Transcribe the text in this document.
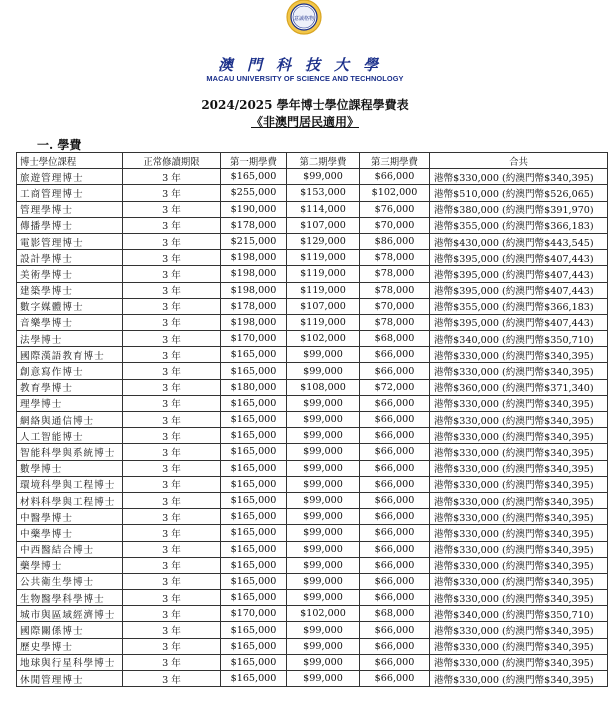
意誠格物
澳門科技大學
MACAU UNIVERSITY OF SCIENCE AND TECHNOLOGY
2024/2025 學年博士學位課程學費表
《非澳門居民適用》
一. 學費
博士學位課程	正常修讀期限	第一期學費	第二期學費	第三期學費	合共
旅遊管理博士	3 年	$165,000	$99,000	$66,000	港幣$330,000 (約澳門幣$340,395)
工商管理博士	3 年	$255,000	$153,000	$102,000	港幣$510,000 (約澳門幣$526,065)
管理學博士	3 年	$190,000	$114,000	$76,000	港幣$380,000 (約澳門幣$391,970)
傳播學博士	3 年	$178,000	$107,000	$70,000	港幣$355,000 (約澳門幣$366,183)
電影管理博士	3 年	$215,000	$129,000	$86,000	港幣$430,000 (約澳門幣$443,545)
設計學博士	3 年	$198,000	$119,000	$78,000	港幣$395,000 (約澳門幣$407,443)
美術學博士	3 年	$198,000	$119,000	$78,000	港幣$395,000 (約澳門幣$407,443)
建築學博士	3 年	$198,000	$119,000	$78,000	港幣$395,000 (約澳門幣$407,443)
數字媒體博士	3 年	$178,000	$107,000	$70,000	港幣$355,000 (約澳門幣$366,183)
音樂學博士	3 年	$198,000	$119,000	$78,000	港幣$395,000 (約澳門幣$407,443)
法學博士	3 年	$170,000	$102,000	$68,000	港幣$340,000 (約澳門幣$350,710)
國際漢語教育博士	3 年	$165,000	$99,000	$66,000	港幣$330,000 (約澳門幣$340,395)
創意寫作博士	3 年	$165,000	$99,000	$66,000	港幣$330,000 (約澳門幣$340,395)
教育學博士	3 年	$180,000	$108,000	$72,000	港幣$360,000 (約澳門幣$371,340)
理學博士	3 年	$165,000	$99,000	$66,000	港幣$330,000 (約澳門幣$340,395)
網絡與通信博士	3 年	$165,000	$99,000	$66,000	港幣$330,000 (約澳門幣$340,395)
人工智能博士	3 年	$165,000	$99,000	$66,000	港幣$330,000 (約澳門幣$340,395)
智能科學與系統博士	3 年	$165,000	$99,000	$66,000	港幣$330,000 (約澳門幣$340,395)
數學博士	3 年	$165,000	$99,000	$66,000	港幣$330,000 (約澳門幣$340,395)
環境科學與工程博士	3 年	$165,000	$99,000	$66,000	港幣$330,000 (約澳門幣$340,395)
材料科學與工程博士	3 年	$165,000	$99,000	$66,000	港幣$330,000 (約澳門幣$340,395)
中醫學博士	3 年	$165,000	$99,000	$66,000	港幣$330,000 (約澳門幣$340,395)
中藥學博士	3 年	$165,000	$99,000	$66,000	港幣$330,000 (約澳門幣$340,395)
中西醫結合博士	3 年	$165,000	$99,000	$66,000	港幣$330,000 (約澳門幣$340,395)
藥學博士	3 年	$165,000	$99,000	$66,000	港幣$330,000 (約澳門幣$340,395)
公共衛生學博士	3 年	$165,000	$99,000	$66,000	港幣$330,000 (約澳門幣$340,395)
生物醫學科學博士	3 年	$165,000	$99,000	$66,000	港幣$330,000 (約澳門幣$340,395)
城市與區域經濟博士	3 年	$170,000	$102,000	$68,000	港幣$340,000 (約澳門幣$350,710)
國際關係博士	3 年	$165,000	$99,000	$66,000	港幣$330,000 (約澳門幣$340,395)
歷史學博士	3 年	$165,000	$99,000	$66,000	港幣$330,000 (約澳門幣$340,395)
地球與行星科學博士	3 年	$165,000	$99,000	$66,000	港幣$330,000 (約澳門幣$340,395)
休閒管理博士	3 年	$165,000	$99,000	$66,000	港幣$330,000 (約澳門幣$340,395)
